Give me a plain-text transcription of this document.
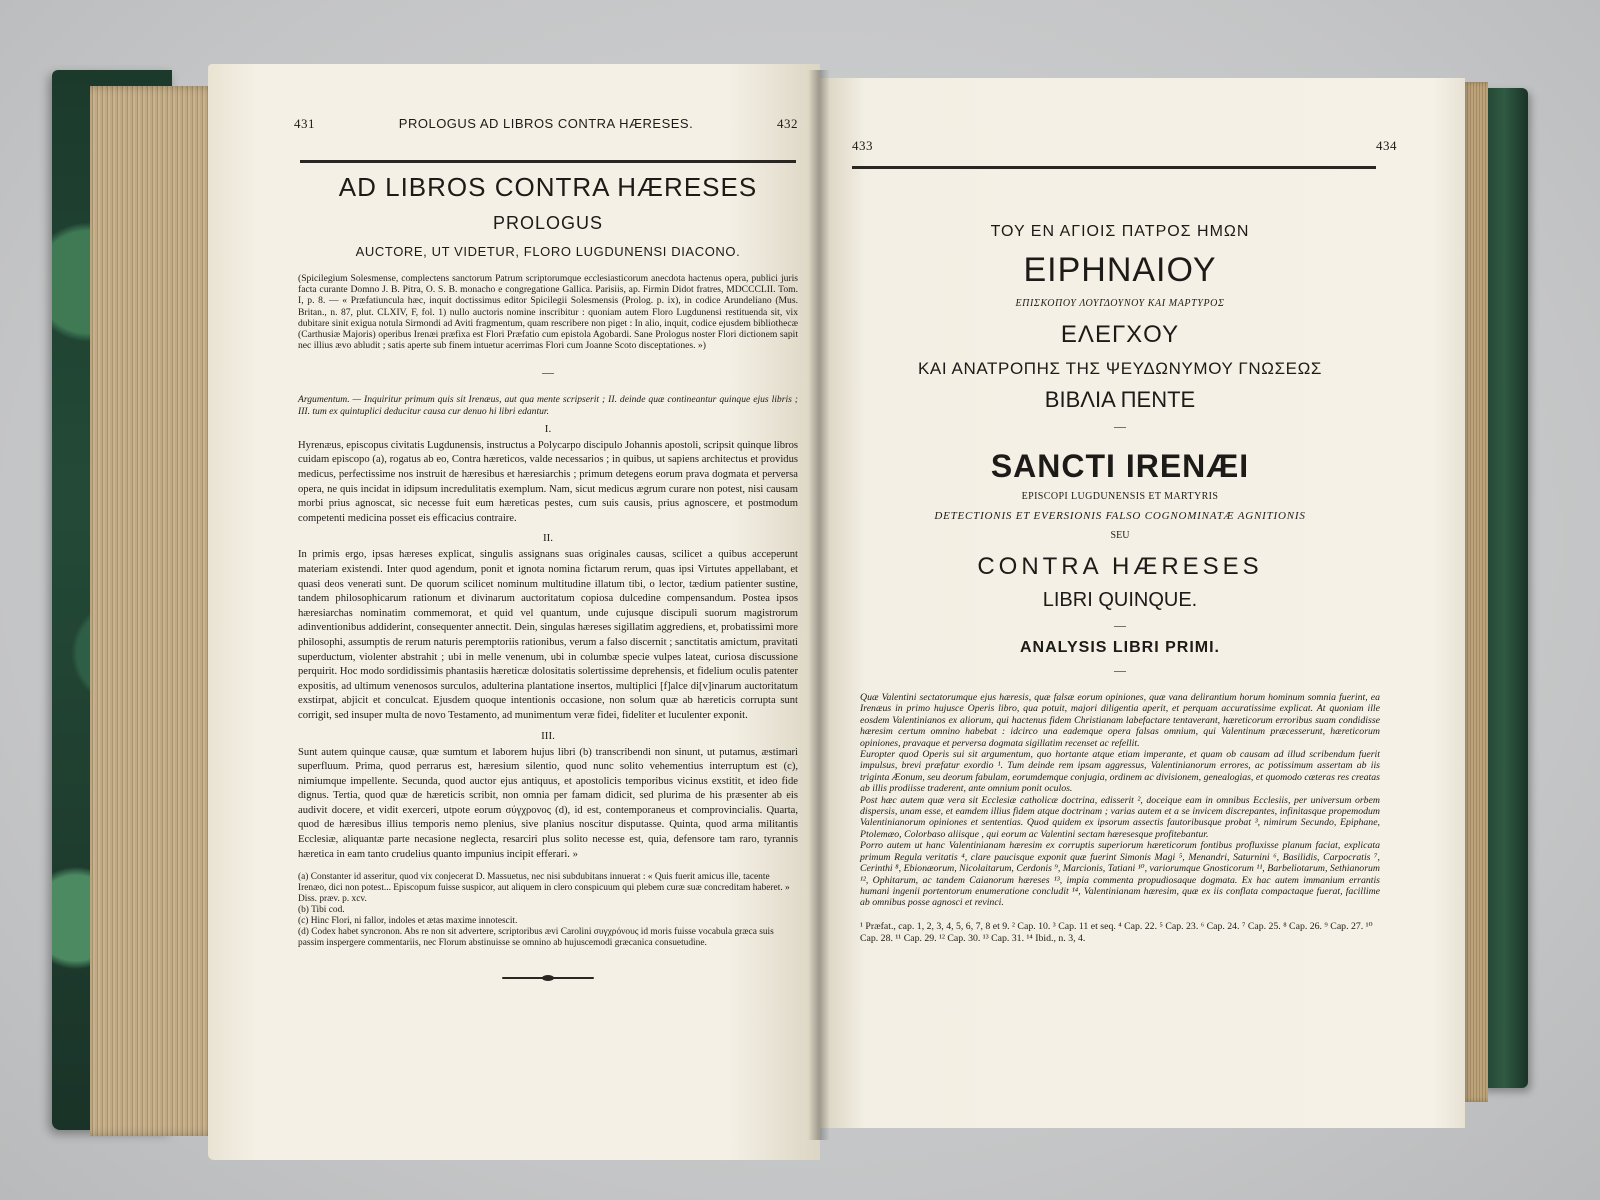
431	PROLOGUS AD LIBROS CONTRA HÆRESES.	432

AD LIBROS CONTRA HÆRESES

PROLOGUS

AUCTORE, UT VIDETUR, FLORO LUGDUNENSI DIACONO.

(Spicilegium Solesmense, complectens sanctorum Patrum scriptorumque ecclesiasticorum anecdota hactenus opera, publici juris facta curante Domno J. B. Pitra, O. S. B. monacho e congregatione Gallica. Parisiis, ap. Firmin Didot fratres, MDCCCLII. Tom. I, p. 8. — « Præfatiuncula hæc, inquit doctissimus editor Spicilegii Solesmensis (Prolog. p. ix), in codice Arundeliano (Mus. Britan., n. 87, plut. CLXIV, F, fol. 1) nullo auctoris nomine inscribitur : quoniam autem Floro Lugdunensi restituenda sit, vix dubitare sinit exigua notula Sirmondi ad Aviti fragmentum, quam rescribere non piget : In alio, inquit, codice ejusdem bibliothecæ (Carthusiæ Majoris) operibus Irenæi præfixa est Flori Præfatio cum epistola Agobardi. Sane Prologus noster Flori dictionem sapit nec illius ævo abludit ; satis aperte sub finem intuetur acerrimas Flori cum Joanne Scoto disceptationes. »)

—

Argumentum. — Inquiritur primum quis sit Irenæus, aut qua mente scripserit ; II. deinde quæ contineantur quinque ejus libris ; III. tum ex quintuplici deducitur causa cur denuo hi libri edantur.

I.

Hyrenæus, episcopus civitatis Lugdunensis, instructus a Polycarpo discipulo Johannis apostoli, scripsit quinque libros cuidam episcopo (a), rogatus ab eo, Contra hæreticos, valde necessarios ; in quibus, ut sapiens architectus et providus medicus, perfectissime nos instruit de hæresibus et hæresiarchis ; primum detegens eorum prava dogmata et perversa opera, ne quis incidat in idipsum incredulitatis exemplum. Nam, sicut medicus ægrum curare non potest, nisi causam morbi prius agnoscat, sic necesse fuit eum hæreticas pestes, cum suis causis, prius agnoscere, et postmodum competenti medicina posset eis efficacius contraire.

II.

In primis ergo, ipsas hæreses explicat, singulis assignans suas originales causas, scilicet a quibus acceperunt materiam existendi. Inter quod agendum, ponit et ignota nomina fictarum rerum, quas ipsi Virtutes appellabant, et quasi deos venerati sunt. De quorum scilicet nominum multitudine illatum tibi, o lector, tædium patienter sustine, tandem philosophicarum rationum et divinarum auctoritatum copiosa dulcedine compensandum. Postea ipsos hæresiarchas nominatim commemorat, et quid vel quantum, unde cujusque discipuli suorum magistrorum adinventionibus addiderint, consequenter annectit. Dein, singulas hæreses sigillatim aggrediens, et, probatissimi more philosophi, assumptis de rerum naturis peremptoriis rationibus, verum a falso discernit ; sanctitatis amictum, pravitati superductum, violenter abstrahit ; ubi in melle venenum, ubi in columbæ specie vulpes lateat, curiosa discussione perquirit. Hoc modo sordidissimis phantasiis hæreticæ dolositatis solertissime deprehensis, et fidelium oculis patenter expositis, ad ultimum venenosos surculos, adulterina plantatione insertos, multiplici [f]alce di[v]inarum auctoritatum exstirpat, abjicit et conculcat. Ejusdem quoque intentionis occasione, non solum quæ ab hæreticis corrupta sunt corrigit, sed insuper multa de novo Testamento, ad munimentum veræ fidei, fideliter et luculenter exponit.

III.

Sunt autem quinque causæ, quæ sumtum et laborem hujus libri (b) transcribendi non sinunt, ut putamus, æstimari superfluum. Prima, quod perrarus est, hæresium silentio, quod nunc solito vehementius interruptum est (c), nimiumque impellente. Secunda, quod auctor ejus antiquus, et apostolicis temporibus vicinus exstitit, et ideo fide dignus. Tertia, quod quæ de hæreticis scribit, non omnia per famam didicit, sed plurima de his præsenter ab eis audivit docere, et vidit exerceri, utpote eorum σύγχρονος (d), id est, contemporaneus et comprovincialis. Quarta, quod de hæresibus illius temporis nemo plenius, sive planius noscitur disputasse. Quinta, quod arma militantis Ecclesiæ, aliquantæ parte necasione neglecta, resarciri plus solito necesse est, quia, defensore tam raro, tyrannis hæretica in eam tanto crudelius quanto impunius incipit efferari. »

(a) Constanter id asseritur, quod vix conjecerat D. Massuetus, nec nisi subdubitans innuerat : « Quis fuerit amicus ille, tacente Irenæo, dici non potest... Episcopum fuisse suspicor, aut aliquem in clero conspicuum qui plebem curæ suæ concreditam haberet. » Diss. præv. p. xcv.

(b) Tibi cod.

(c) Hinc Flori, ni fallor, indoles et ætas maxime innotescit.

(d) Codex habet syncronon. Abs re non sit advertere, scriptoribus ævi Carolini συγχρόνους id moris fuisse vocabula græca suis passim inspergere commentariis, nec Florum abstinuisse se omnino ab hujuscemodi græcanica consuetudine.

433	434

ΤΟΥ ΕΝ ΑΓΙΟΙΣ ΠΑΤΡΟΣ ΗΜΩΝ

ΕΙΡΗΝΑΙΟΥ

ΕΠΙΣΚΟΠΟΥ ΛΟΥΓΔΟΥΝΟΥ ΚΑΙ ΜΑΡΤΥΡΟΣ

ΕΛΕΓΧΟΥ

ΚΑΙ ΑΝΑΤΡΟΠΗΣ ΤΗΣ ΨΕΥΔΩΝΥΜΟΥ ΓΝΩΣΕΩΣ

ΒΙΒΛΙΑ ΠΕΝΤΕ

—

SANCTI IRENÆI

EPISCOPI LUGDUNENSIS ET MARTYRIS

DETECTIONIS ET EVERSIONIS FALSO COGNOMINATÆ AGNITIONIS

SEU

CONTRA HÆRESES

LIBRI QUINQUE.

—

ANALYSIS LIBRI PRIMI.

—

Quæ Valentini sectatorumque ejus hæresis, quæ falsæ eorum opiniones, quæ vana delirantium horum hominum somnia fuerint, ea Irenæus in primo hujusce Operis libro, qua potuit, majori diligentia aperit, et perquam accuratissime explicat. At quoniam ille eosdem Valentinianos ex aliorum, qui hactenus fidem Christianam labefactare tentaverant, hæreticorum erroribus suam condidisse hæresim certum omnino habebat : idcirco una eademque opera falsas omnium, qui Valentinum præcesserunt, hæreticorum opiniones, pravaque et perversa dogmata sigillatim recenset ac refellit.

Europter quod Operis sui sit argumentum, quo hortante atque etiam imperante, et quam ob causam ad illud scribendum fuerit impulsus, brevi præfatur exordio ¹. Tum deinde rem ipsam aggressus, Valentinianorum errores, ac potissimum assertam ab iis triginta Æonum, seu deorum fabulam, eorumdemque conjugia, ordinem ac divisionem, genealogias, et quomodo cæteras res creatas ab illis prodiisse traderent, ante omnium ponit oculos.

Post hæc autem quæ vera sit Ecclesiæ catholicæ doctrina, edisserit ², doceique eam in omnibus Ecclesiis, per universum orbem dispersis, unam esse, et eamdem illius fidem atque doctrinam ; varias autem et a se invicem discrepantes, infinitasque propemodum Valentinianorum opiniones et sententias. Quod quidem ex ipsorum assectis fautoribusque probat ³, nimirum Secundo, Epiphane, Ptolemæo, Colorbaso aliisque , qui eorum ac Valentini sectam hæresesque profitebantur.

Porro autem ut hanc Valentinianam hæresim ex corruptis superiorum hæreticorum fontibus profluxisse planum faciat, explicata primum Regula veritatis ⁴, clare paucisque exponit quæ fuerint Simonis Magi ⁵, Menandri, Saturnini ⁶, Basilidis, Carpocratis ⁷, Cerinthi ⁸, Ebionæorum, Nicolaitarum, Cerdonis ⁹, Marcionis, Tatiani ¹⁰, variorumque Gnosticorum ¹¹, Barbeliotarum, Sethianorum ¹², Ophitarum, ac tandem Caianorum hæreses ¹³, impia commenta propudiosaque dogmata. Ex hac autem immanium errantis humani ingenii portentorum enumeratione concludit ¹⁴, Valentinianam hæresim, quæ ex iis conflata compactaque fuerat, facillime ab omnibus posse agnosci et revinci.

¹ Præfat., cap. 1, 2, 3, 4, 5, 6, 7, 8 et 9. ² Cap. 10. ³ Cap. 11 et seq. ⁴ Cap. 22. ⁵ Cap. 23. ⁶ Cap. 24. ⁷ Cap. 25. ⁸ Cap. 26. ⁹ Cap. 27. ¹⁰ Cap. 28. ¹¹ Cap. 29. ¹² Cap. 30. ¹³ Cap. 31. ¹⁴ Ibid., n. 3, 4.
